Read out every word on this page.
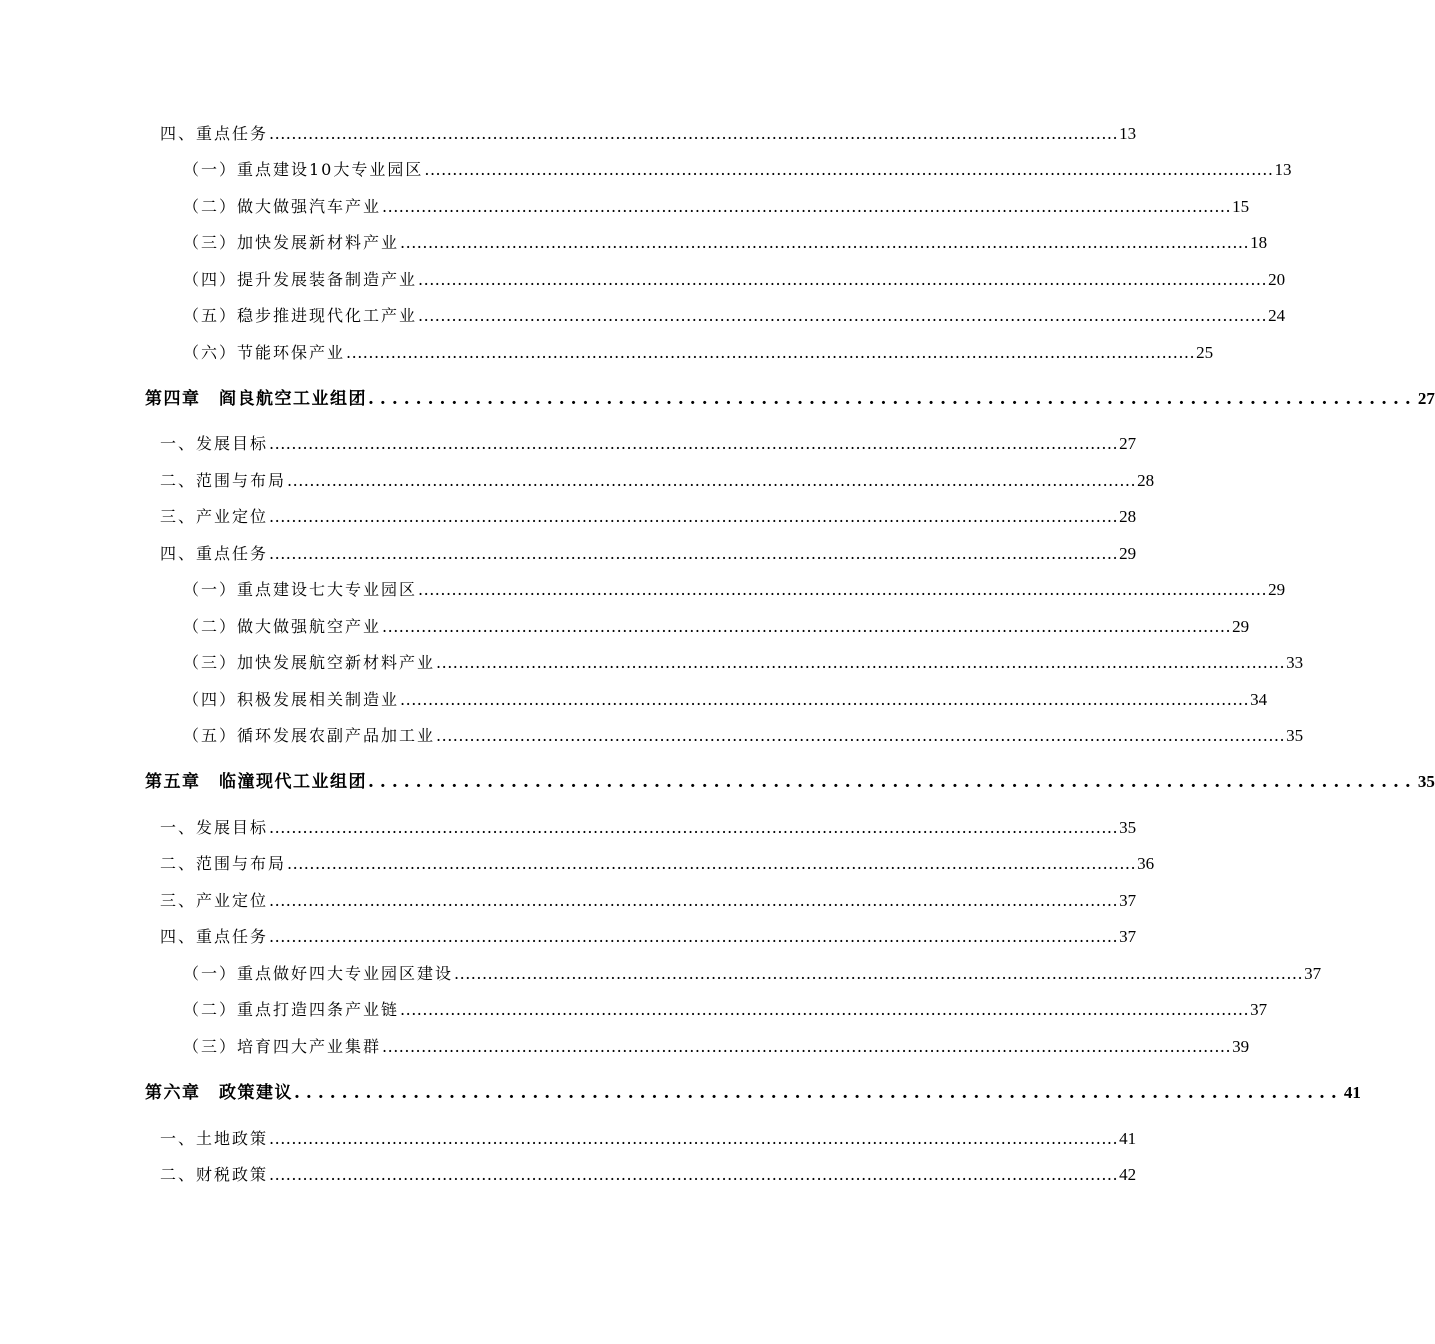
四、重点任务 ........................................................................................................................................................ 13
（一）重点建设10大专业园区 ........................................................................................................................................................ 13
（二）做大做强汽车产业 ........................................................................................................................................................ 15
（三）加快发展新材料产业 ........................................................................................................................................................ 18
（四）提升发展装备制造产业 ........................................................................................................................................................ 20
（五）稳步推进现代化工产业 ........................................................................................................................................................ 24
（六）节能环保产业 ........................................................................................................................................................ 25
第四章　阎良航空工业组团 ........................................................................................ 27
一、发展目标 ........................................................................................................................................................ 27
二、范围与布局 ........................................................................................................................................................ 28
三、产业定位 ........................................................................................................................................................ 28
四、重点任务 ........................................................................................................................................................ 29
（一）重点建设七大专业园区 ........................................................................................................................................................ 29
（二）做大做强航空产业 ........................................................................................................................................................ 29
（三）加快发展航空新材料产业 ........................................................................................................................................................ 33
（四）积极发展相关制造业 ........................................................................................................................................................ 34
（五）循环发展农副产品加工业 ........................................................................................................................................................ 35
第五章　临潼现代工业组团 ........................................................................................ 35
一、发展目标 ........................................................................................................................................................ 35
二、范围与布局 ........................................................................................................................................................ 36
三、产业定位 ........................................................................................................................................................ 37
四、重点任务 ........................................................................................................................................................ 37
（一）重点做好四大专业园区建设 ........................................................................................................................................................ 37
（二）重点打造四条产业链 ........................................................................................................................................................ 37
（三）培育四大产业集群 ........................................................................................................................................................ 39
第六章　政策建议 ........................................................................................ 41
一、土地政策 ........................................................................................................................................................ 41
二、财税政策 ........................................................................................................................................................ 42
